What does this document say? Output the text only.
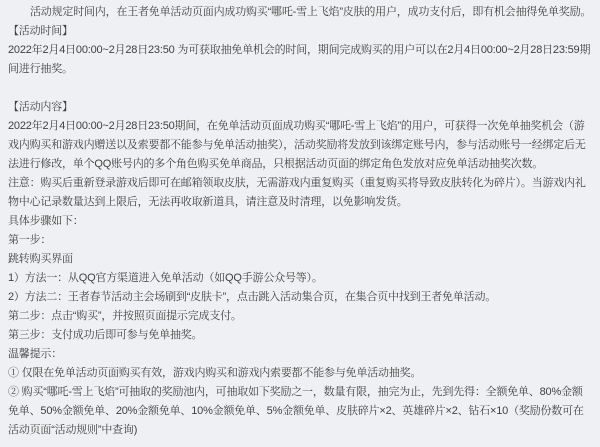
活动规定时间内，在王者免单活动页面内成功购买“哪吒-雪上飞焰”皮肤的用户，成功支付后，即有机会抽得免单奖励。

【活动时间】

2022年2月4日00:00~2月28日23:50 为可获取抽免单机会的时间，期间完成购买的用户可以在2月4日00:00~2月28日23:59期间进行抽奖。

【活动内容】

2022年2月4日00:00~2月28日23:50期间，在免单活动页面成功购买“哪吒-雪上飞焰”的用户，可获得一次免单抽奖机会（游戏内购买和游戏内赠送以及索要都不能参与免单活动抽奖），活动奖励将发放到该绑定账号内，参与活动账号一经绑定后无法进行修改，单个QQ账号内的多个角色购买免单商品，只根据活动页面的绑定角色发放对应免单活动抽奖次数。

注意：购买后重新登录游戏后即可在邮箱领取皮肤，无需游戏内重复购买（重复购买将导致皮肤转化为碎片）。当游戏内礼物中心记录数量达到上限后，无法再收取新道具，请注意及时清理，以免影响发货。

具体步骤如下：

第一步：

跳转购买界面

1）方法一：从QQ官方渠道进入免单活动（如QQ手游公众号等）。

2）方法二：王者春节活动主会场刷到“皮肤卡”，点击跳入活动集合页，在集合页中找到王者免单活动。

第二步：点击“购买”，并按照页面提示完成支付。

第三步：支付成功后即可参与免单抽奖。

温馨提示：

① 仅限在免单活动页面购买有效，游戏内购买和游戏内索要都不能参与免单活动抽奖。

② 购买“哪吒-雪上飞焰”可抽取的奖励池内，可抽取如下奖励之一，数量有限，抽完为止，先到先得：全额免单、80%金额免单、50%金额免单、20%金额免单、10%金额免单、5%金额免单、皮肤碎片×2、英雄碎片×2、钻石×10（奖励份数可在活动页面“活动规则”中查询)
